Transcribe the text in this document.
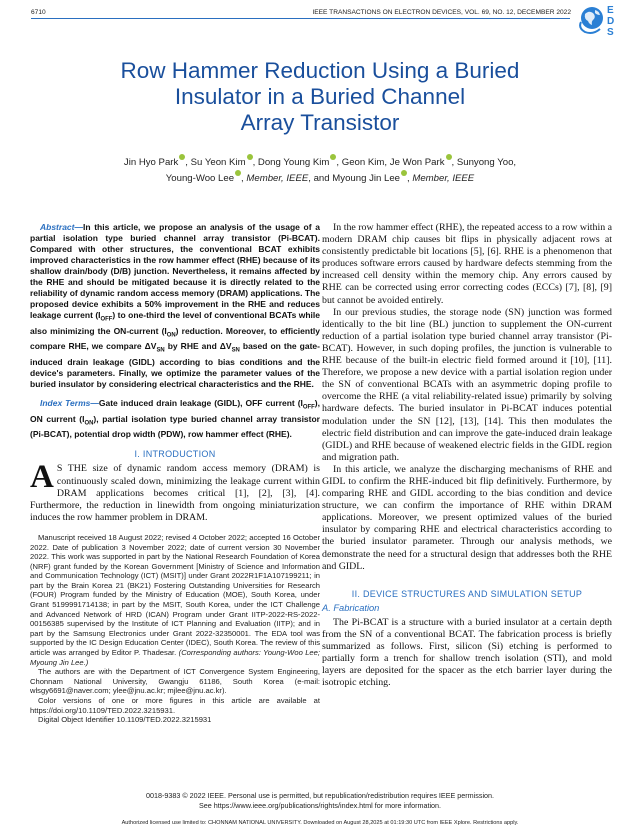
6710	IEEE TRANSACTIONS ON ELECTRON DEVICES, VOL. 69, NO. 12, DECEMBER 2022	E
D
S
Row Hammer Reduction Using a Buried
Insulator in a Buried Channel
Array Transistor
Jin Hyo Park , Su Yeon Kim , Dong Young Kim , Geon Kim, Je Won Park , Sunyong Yoo,
Young-Woo Lee , Member, IEEE, and Myoung Jin Lee , Member, IEEE

Abstract—In this article, we propose an analysis of the usage of a partial isolation type buried channel array transistor (Pi-BCAT). Compared with other structures, the conventional BCAT exhibits improved characteristics in the row hammer effect (RHE) because of its shallow drain/body (D/B) junction. Nevertheless, it remains affected by the RHE and should be mitigated because it is directly related to the reliability of dynamic random access memory (DRAM) applications. The proposed device exhibits a 50% improvement in the RHE and reduces leakage current $(I_{OFF})$ to one-third the level of conventional BCATs while also minimizing the ON-current $(I_{ON})$ reduction. Moreover, to efficiently compare RHE, we compare $\Delta V_{SN}$ by RHE and $\Delta V_{SN}$ based on the gate-induced drain leakage (GIDL) according to bias conditions and the device's parameters. Finally, we optimize the parameter values of the buried insulator by considering electrical characteristics and the RHE.

Index Terms—Gate induced drain leakage (GIDL), OFF current $(I_{OFF})$, ON current $(I_{ON})$, partial isolation type buried channel array transistor (Pi-BCAT), potential drop width (PDW), row hammer effect (RHE).

I. INTRODUCTION

A S THE size of dynamic random access memory (DRAM) is continuously scaled down, minimizing the leakage current within DRAM applications becomes critical [1], [2], [3], [4]. Furthermore, the reduction in linewidth from ongoing miniaturization induces the row hammer problem in DRAM.

Manuscript received 18 August 2022; revised 4 October 2022; accepted 16 October 2022. Date of publication 3 November 2022; date of current version 30 November 2022. This work was supported in part by the National Research Foundation of Korea (NRF) grant funded by the Korean Government [Ministry of Science and Information and Communication Technology (ICT) (MSIT)] under Grant 2022R1F1A107199211; in part by the Brain Korea 21 (BK21) Fostering Outstanding Universities for Research (FOUR) Program funded by the Ministry of Education (MOE), South Korea, under Grant 5199991714138; in part by the MSIT, South Korea, under the ICT Challenge and Advanced Network of HRD (ICAN) Program under Grant IITP-2022-RS-2022-00156385 supervised by the Institute of ICT Planning and Evaluation (IITP); and in part by the Samsung Electronics under Grant 2022-32350001. The EDA tool was supported by the IC Design Education Center (IDEC), South Korea. The review of this article was arranged by Editor P. Thadesar. (Corresponding authors: Young-Woo Lee; Myoung Jin Lee.)

The authors are with the Department of ICT Convergence System Engineering, Chonnam National University, Gwangju 61186, South Korea (e-mail: wlsgy6691@naver.com; ylee@jnu.ac.kr; mjlee@jnu.ac.kr).

Color versions of one or more figures in this article are available at https://doi.org/10.1109/TED.2022.3215931.

Digital Object Identifier 10.1109/TED.2022.3215931

In the row hammer effect (RHE), the repeated access to a row within a modern DRAM chip causes bit flips in physically adjacent rows at consistently predictable bit locations [5], [6]. RHE is a phenomenon that produces software errors caused by hardware defects stemming from the increased cell density within the memory chip. Any errors caused by RHE can be corrected using error correcting codes (ECCs) [7], [8], [9] but cannot be avoided entirely.

In our previous studies, the storage node (SN) junction was formed identically to the bit line (BL) junction to supplement the ON-current reduction of a partial isolation type buried channel array transistor (Pi-BCAT). However, in such doping profiles, the junction is vulnerable to RHE because of the built-in electric field formed around it [10], [11]. Therefore, we propose a new device with a partial isolation region under the SN of conventional BCATs with an asymmetric doping profile to overcome the RHE (a vital reliability-related issue) primarily by solving hardware defects. The buried insulator in Pi-BCAT induces potential modulation under the SN [12], [13], [14]. This then modulates the electric field distribution and can improve the gate-induced drain leakage (GIDL) and RHE because of weakened electric fields in the GIDL region and migration path.

In this article, we analyze the discharging mechanisms of RHE and GIDL to confirm the RHE-induced bit flip definitively. Furthermore, by comparing RHE and GIDL according to the bias condition and device structure, we can confirm the importance of RHE within DRAM applications. Moreover, we present optimized values of the buried insulator by comparing RHE and electrical characteristics according to the buried insulator parameter. Through our analysis methods, we demonstrate the need for a structural design that addresses both the RHE and GIDL.

II. DEVICE STRUCTURES AND SIMULATION SETUP
A. Fabrication

The Pi-BCAT is a structure with a buried insulator at a certain depth from the SN of a conventional BCAT. The fabrication process is briefly summarized as follows. First, silicon (Si) etching is performed to partially form a trench for shallow trench isolation (STI), and mold layers are deposited for the spacer as the etch barrier layer during the isotropic etching.

0018-9383 © 2022 IEEE. Personal use is permitted, but republication/redistribution requires IEEE permission.
See https://www.ieee.org/publications/rights/index.html for more information.
Authorized licensed use limited to: CHONNAM NATIONAL UNIVERSITY. Downloaded on August 28,2025 at 01:19:30 UTC from IEEE Xplore. Restrictions apply.
